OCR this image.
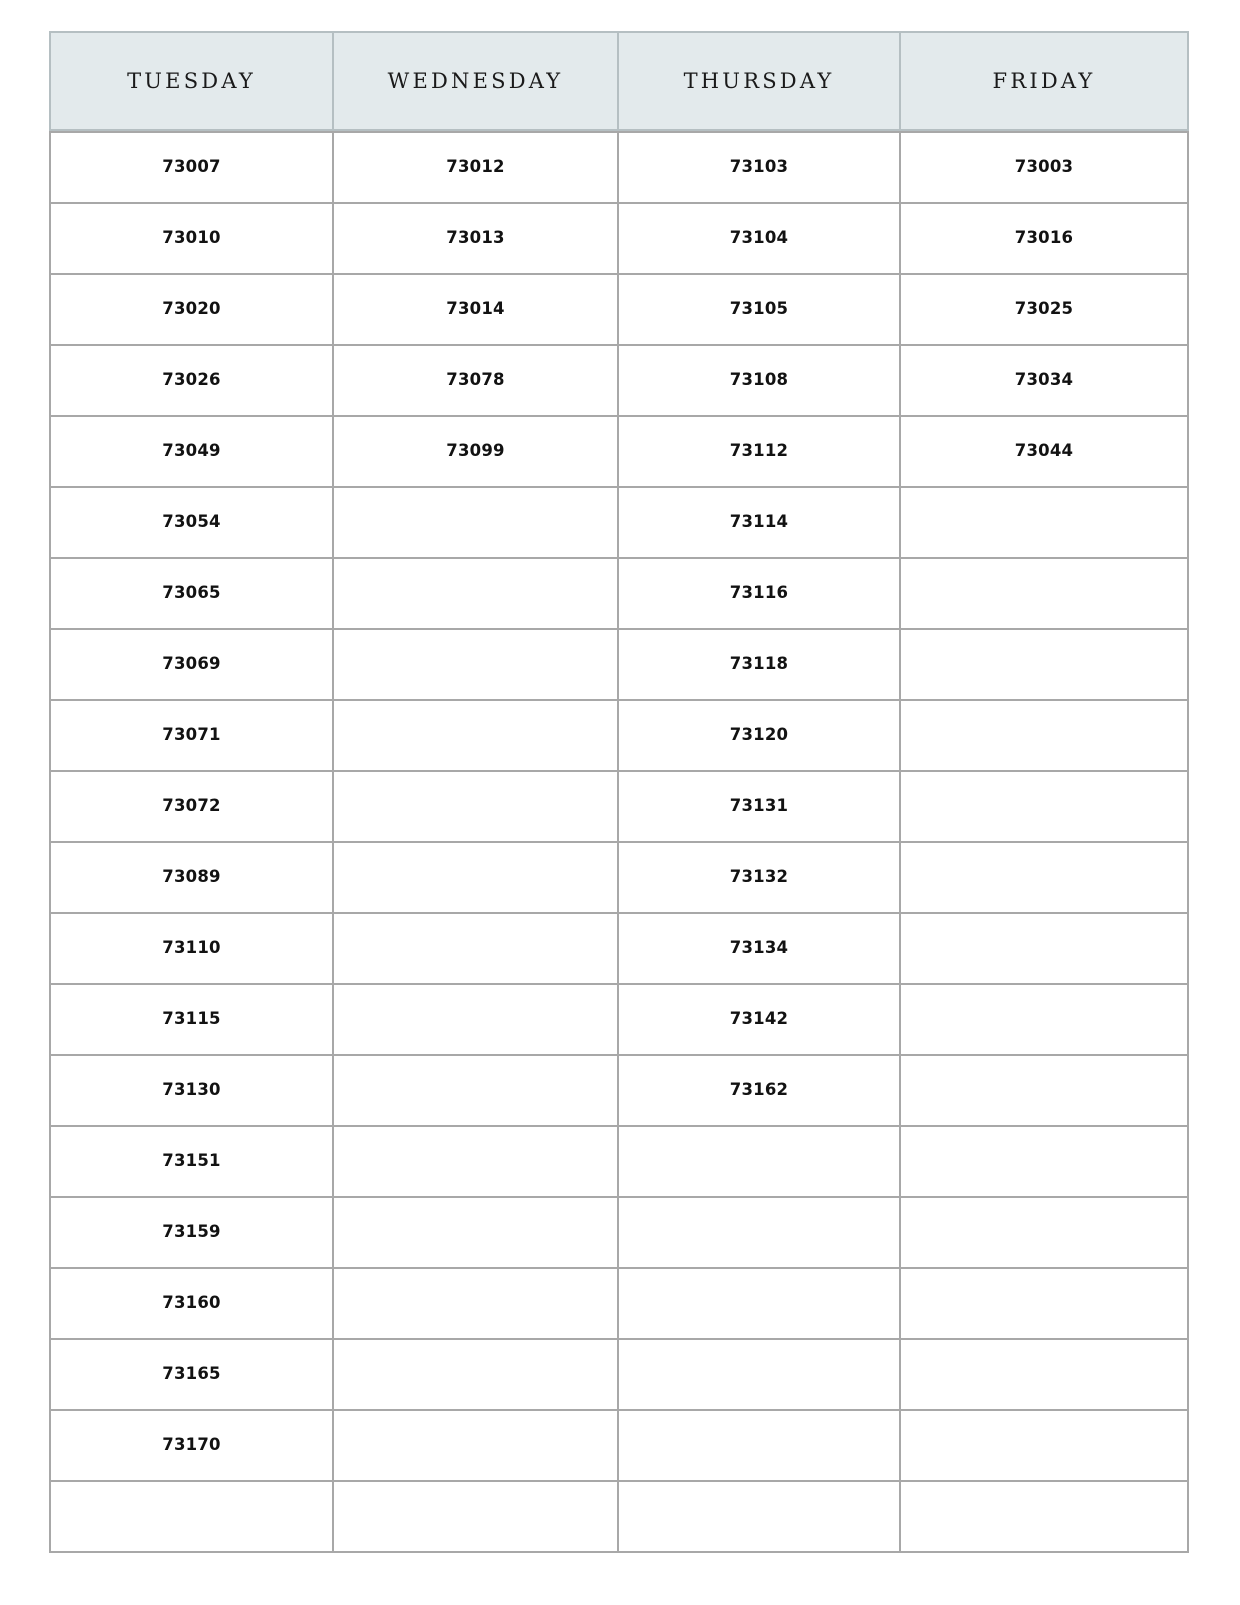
TUESDAY	WEDNESDAY	THURSDAY	FRIDAY

73007	73012	73103	73003

73010	73013	73104	73016

73020	73014	73105	73025

73026	73078	73108	73034

73049	73099	73112	73044

73054		73114	

73065		73116	

73069		73118	

73071		73120	

73072		73131	

73089		73132	

73110		73134	

73115		73142	

73130		73162	

73151			

73159			

73160			

73165			

73170			
